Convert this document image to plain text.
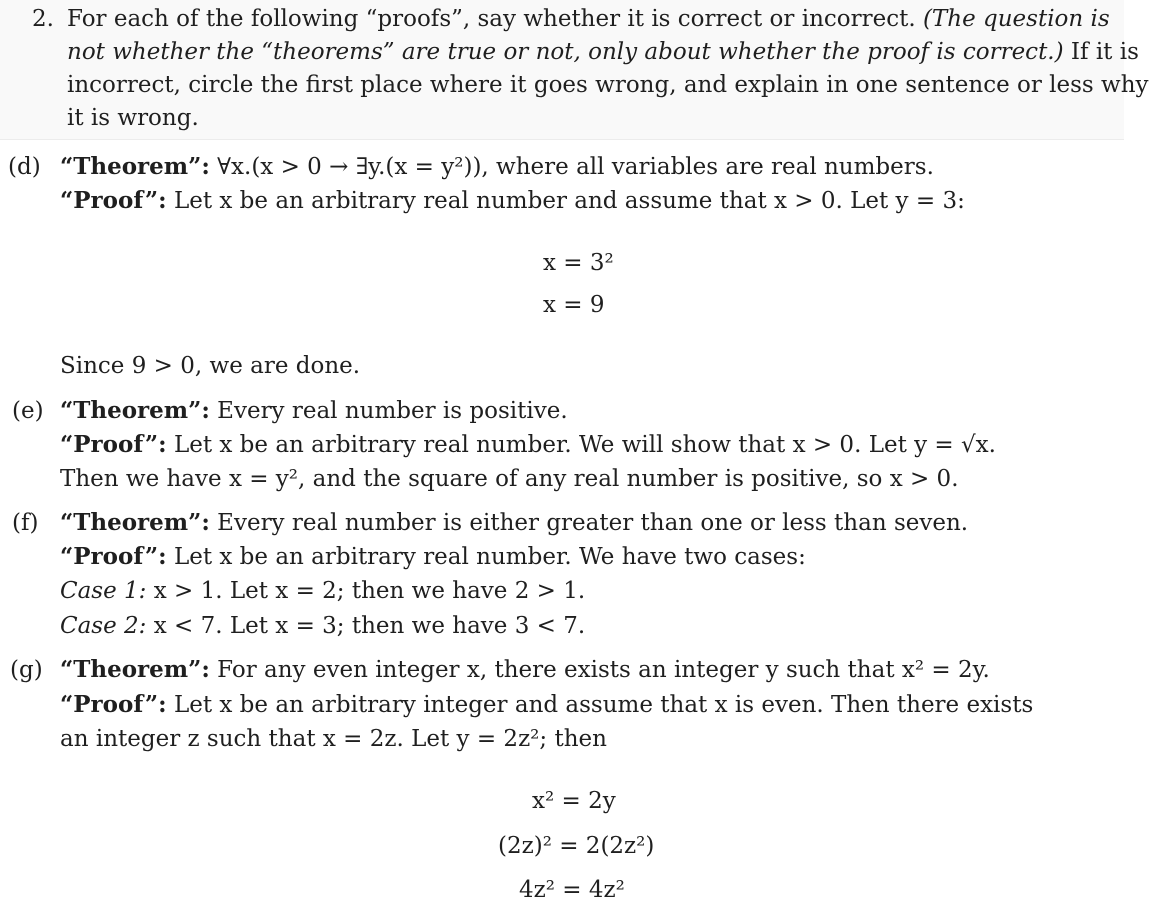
2. For each of the following “proofs”, say whether it is correct or incorrect. (The question is
not whether the “theorems” are true or not, only about whether the proof is correct.) If it is
incorrect, circle the first place where it goes wrong, and explain in one sentence or less why
it is wrong.
(d) “Theorem”: ∀x.(x > 0 → ∃y.(x = y²)), where all variables are real numbers.
“Proof”: Let x be an arbitrary real number and assume that x > 0. Let y = 3:
x = 3²
x = 9
Since 9 > 0, we are done.
(e) “Theorem”: Every real number is positive.
“Proof”: Let x be an arbitrary real number. We will show that x > 0. Let y = √x.
Then we have x = y², and the square of any real number is positive, so x > 0.
(f) “Theorem”: Every real number is either greater than one or less than seven.
“Proof”: Let x be an arbitrary real number. We have two cases:
Case 1: x > 1. Let x = 2; then we have 2 > 1.
Case 2: x < 7. Let x = 3; then we have 3 < 7.
(g) “Theorem”: For any even integer x, there exists an integer y such that x² = 2y.
“Proof”: Let x be an arbitrary integer and assume that x is even. Then there exists
an integer z such that x = 2z. Let y = 2z²; then
x² = 2y
(2z)² = 2(2z²)
4z² = 4z²
